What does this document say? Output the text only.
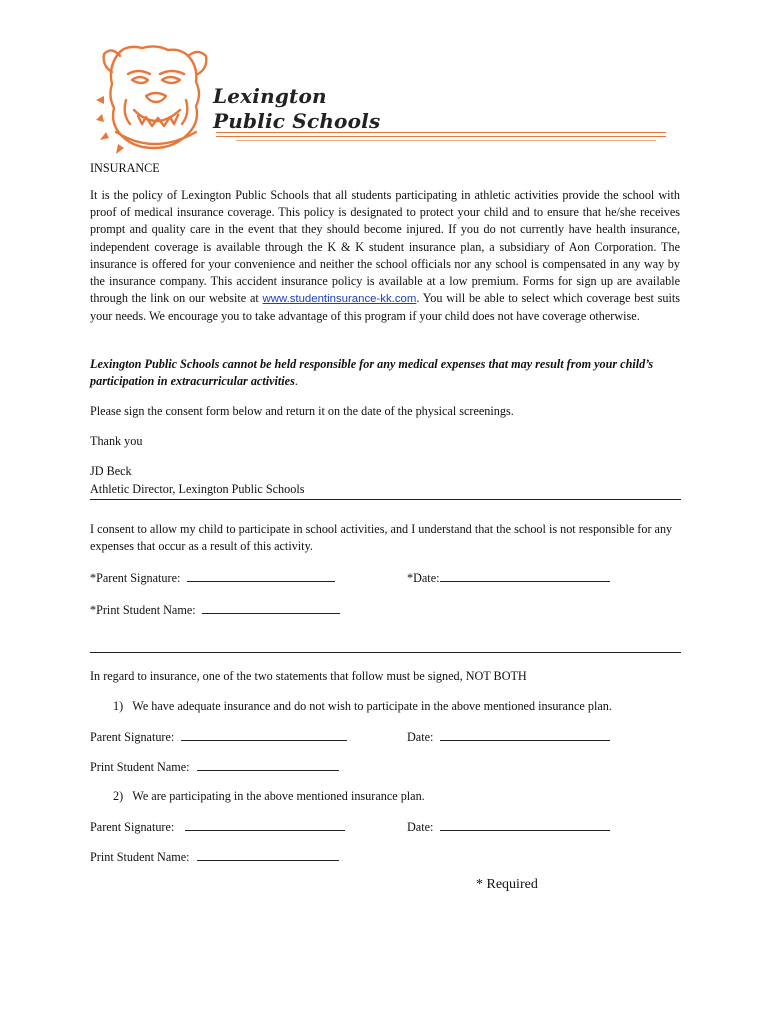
Lexington
Public Schools
INSURANCE
It is the policy of Lexington Public Schools that all students participating in athletic activities provide the school with proof of medical insurance coverage. This policy is designated to protect your child and to ensure that he/she receives prompt and quality care in the event that they should become injured. If you do not currently have health insurance, independent coverage is available through the K & K student insurance plan, a subsidiary of Aon Corporation. The insurance is offered for your convenience and neither the school officials nor any school is compensated in any way by the insurance company. This accident insurance policy is available at a low premium. Forms for sign up are available through the link on our website at www.studentinsurance-kk.com. You will be able to select which coverage best suits your needs. We encourage you to take advantage of this program if your child does not have coverage otherwise.
Lexington Public Schools cannot be held responsible for any medical expenses that may result from your child’s participation in extracurricular activities.
Please sign the consent form below and return it on the date of the physical screenings.
Thank you
JD Beck
Athletic Director, Lexington Public Schools
I consent to allow my child to participate in school activities, and I understand that the school is not responsible for any expenses that occur as a result of this activity.
*Parent Signature:	*Date:
*Print Student Name:
In regard to insurance, one of the two statements that follow must be signed, NOT BOTH
1) We have adequate insurance and do not wish to participate in the above mentioned insurance plan.
Parent Signature:	Date:
Print Student Name:
2) We are participating in the above mentioned insurance plan.
Parent Signature:	Date:
Print Student Name:
* Required
